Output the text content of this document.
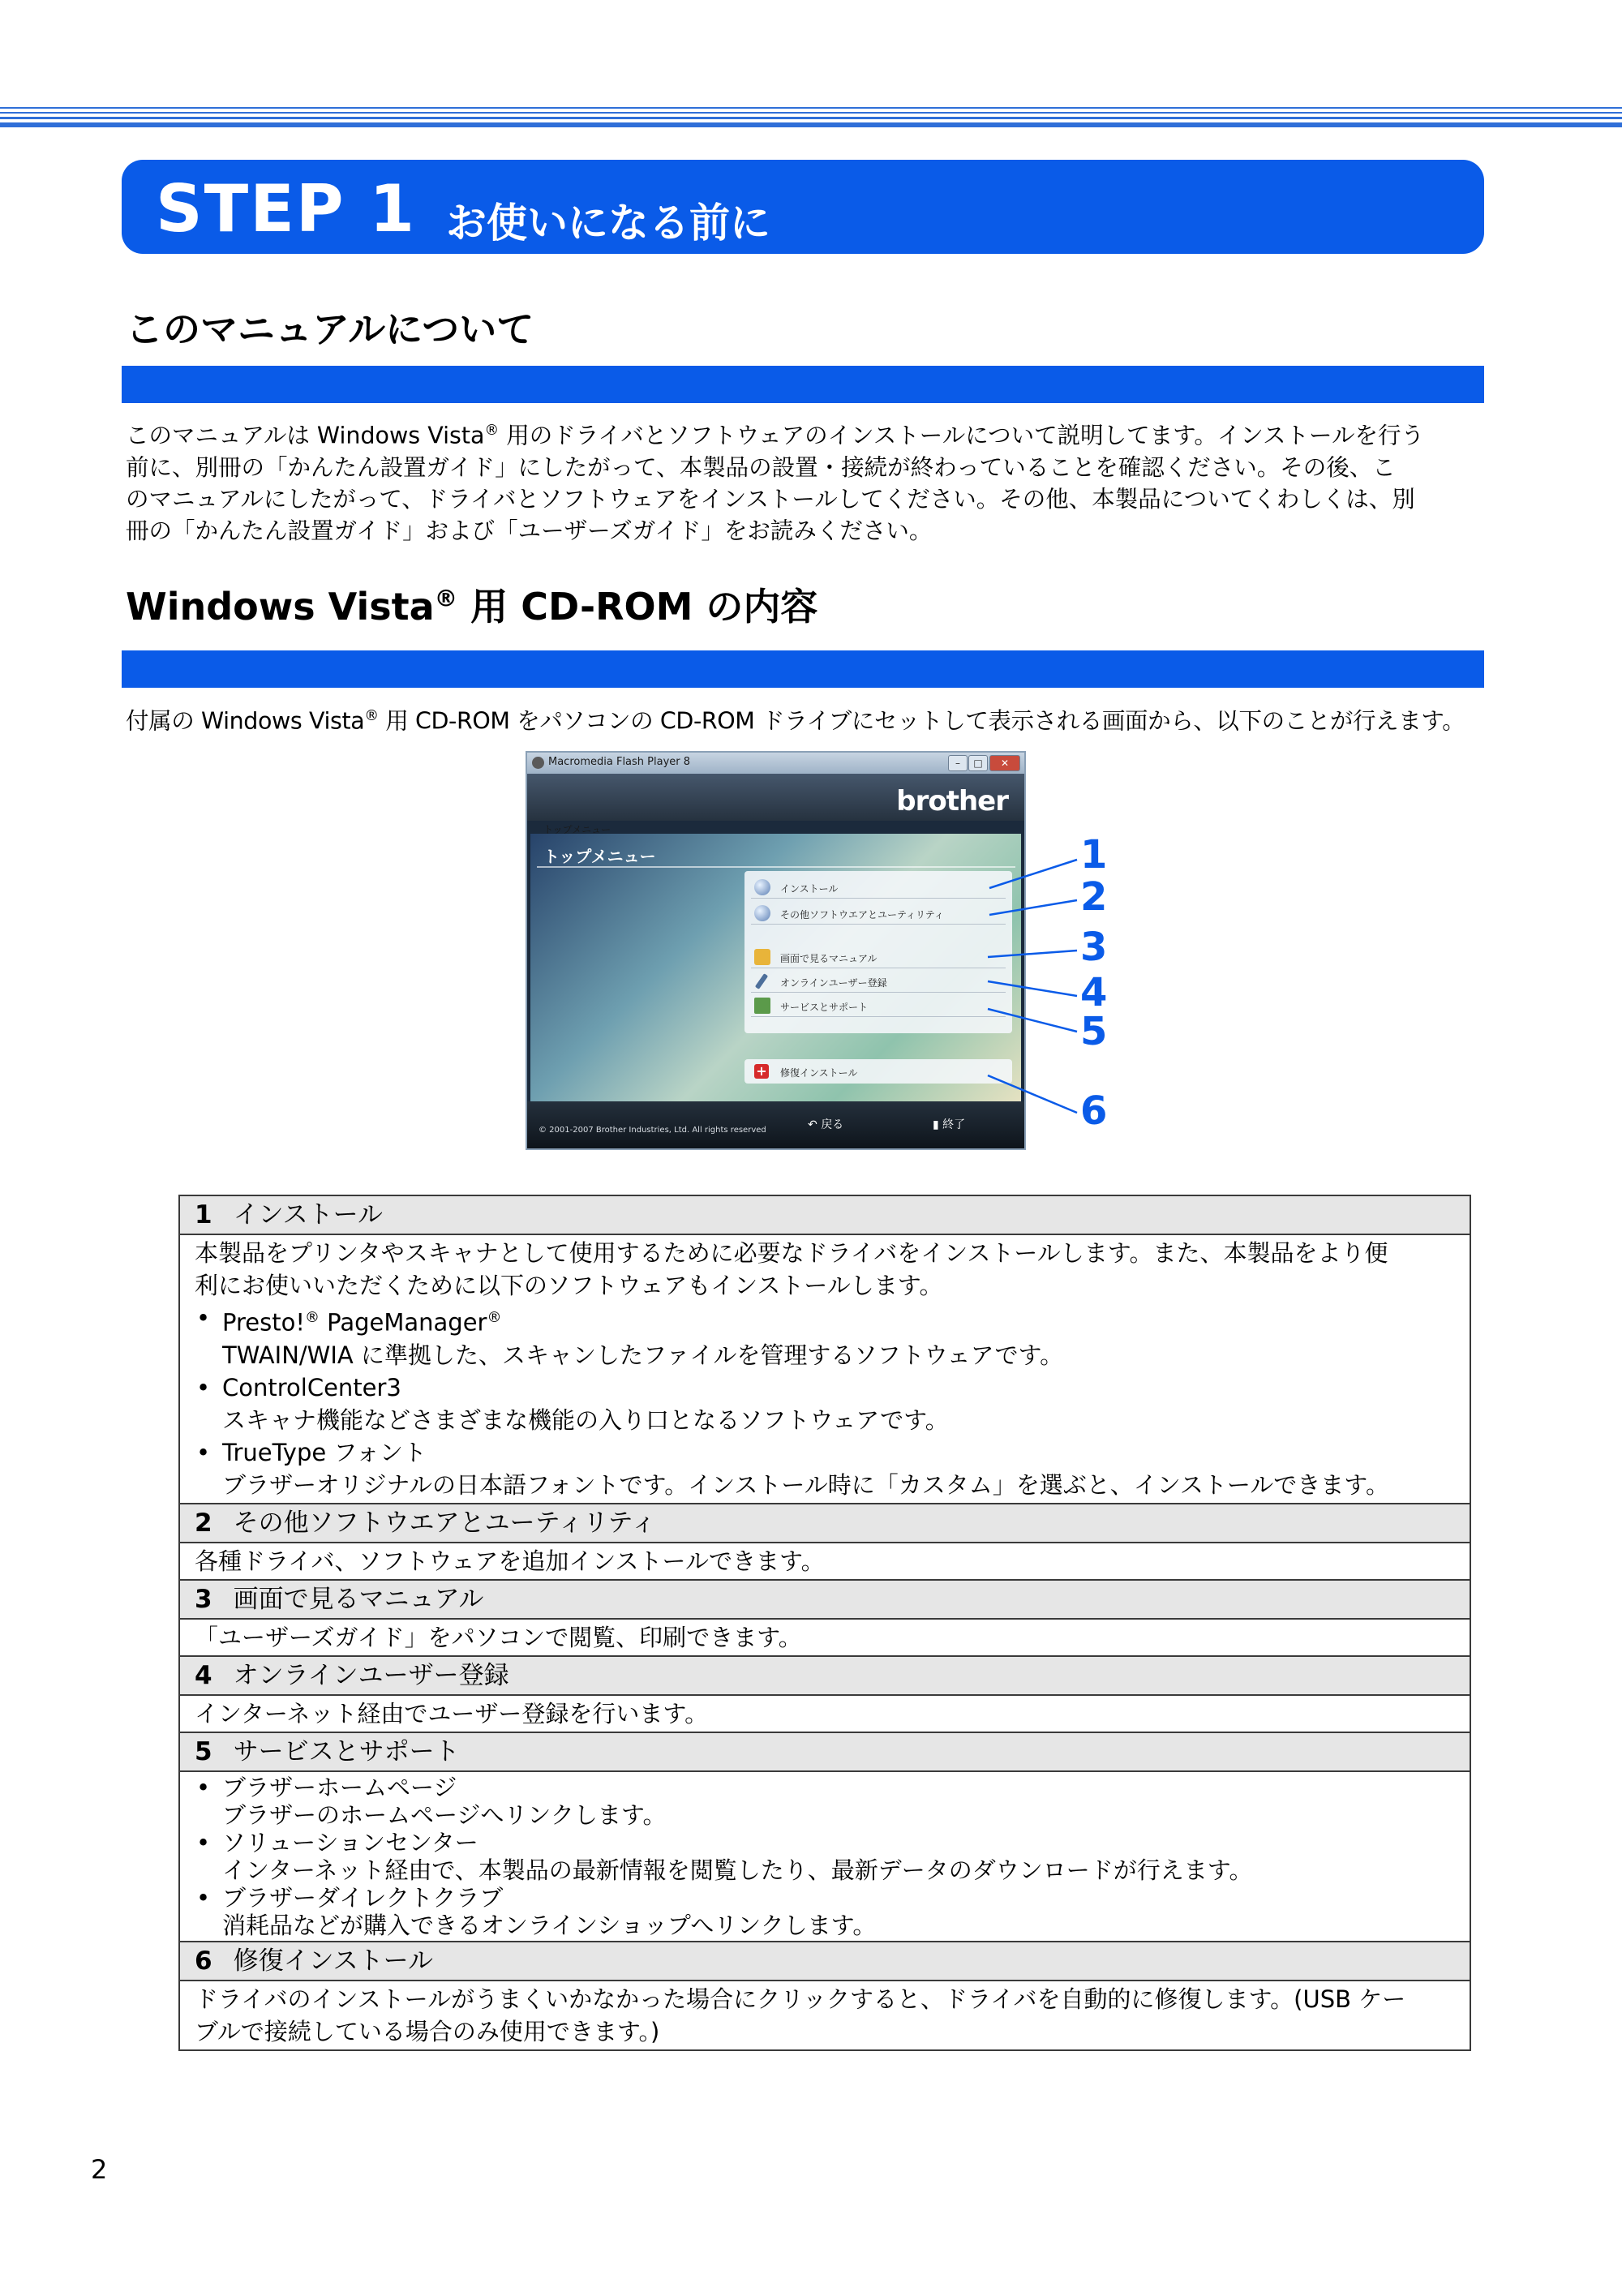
STEP 1 お使いになる前に
このマニュアルについて
このマニュアルは Windows Vista® 用のドライバとソフトウェアのインストールについて説明してます。インストールを行う
前に、別冊の「かんたん設置ガイド」にしたがって、本製品の設置・接続が終わっていることを確認ください。その後、こ
のマニュアルにしたがって、ドライバとソフトウェアをインストールしてください。その他、本製品についてくわしくは、別
冊の「かんたん設置ガイド」および「ユーザーズガイド」をお読みください。
Windows Vista® 用 CD-ROM の内容
付属の Windows Vista® 用 CD-ROM をパソコンの CD-ROM ドライブにセットして表示される画面から、以下のことが行えます。
Macromedia Flash Player 8	–	□	✕
brother
トップメニュー
トップメニュー
インストール
その他ソフトウエアとユーティリティ
画面で見るマニュアル
オンラインユーザー登録
サービスとサポート
+ 修復インストール
© 2001-2007 Brother Industries, Ltd. All rights reserved	↶ 戻る	▮ 終了
1
2
3
4
5
6
1 インストール

本製品をプリンタやスキャナとして使用するために必要なドライバをインストールします。また、本製品をより便
利にお使いいただくために以下のソフトウェアもインストールします。
• Presto!® PageManager®
TWAIN/WIA に準拠した、スキャンしたファイルを管理するソフトウェアです。
• ControlCenter3
スキャナ機能などさまざまな機能の入り口となるソフトウェアです。
• TrueType フォント
ブラザーオリジナルの日本語フォントです。インストール時に「カスタム」を選ぶと、インストールできます。

2 その他ソフトウエアとユーティリティ
各種ドライバ、ソフトウェアを追加インストールできます。
3 画面で見るマニュアル
「ユーザーズガイド」をパソコンで閲覧、印刷できます。
4 オンラインユーザー登録
インターネット経由でユーザー登録を行います。
5 サービスとサポート

• ブラザーホームページ
ブラザーのホームページへリンクします。
• ソリューションセンター
インターネット経由で、本製品の最新情報を閲覧したり、最新データのダウンロードが行えます。
• ブラザーダイレクトクラブ
消耗品などが購入できるオンラインショップへリンクします。

6 修復インストール

ドライバのインストールがうまくいかなかった場合にクリックすると、ドライバを自動的に修復します。(USB ケー
ブルで接続している場合のみ使用できます。)
2
